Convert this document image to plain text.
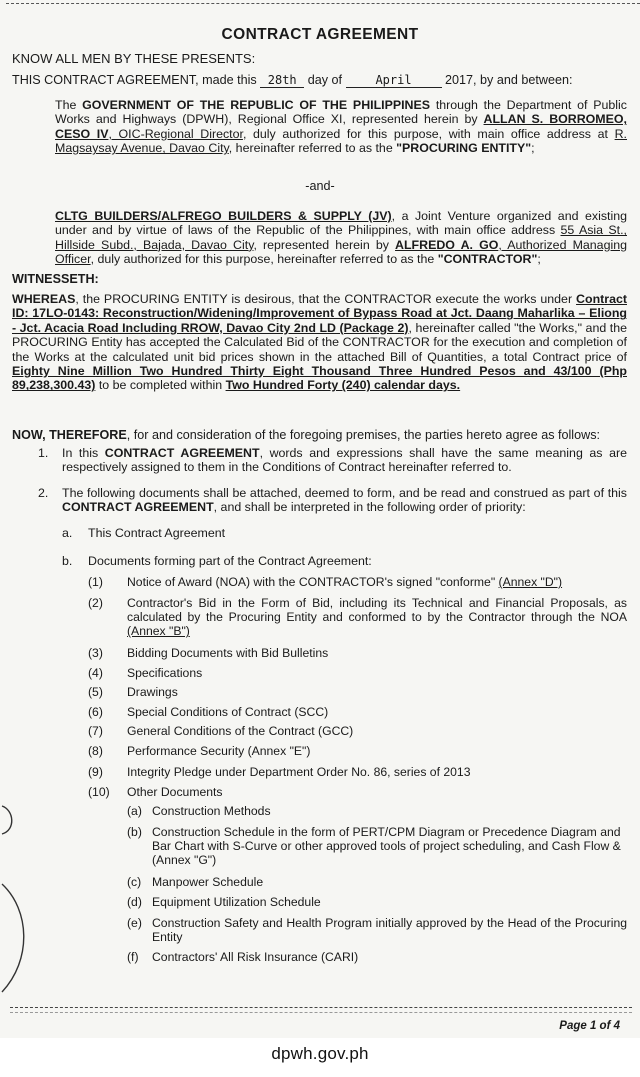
CONTRACT AGREEMENT
KNOW ALL MEN BY THESE PRESENTS:
THIS CONTRACT AGREEMENT, made this 28th day of	April	2017, by and between:
The GOVERNMENT OF THE REPUBLIC OF THE PHILIPPINES through the Department of Public Works and Highways (DPWH), Regional Office XI, represented herein by ALLAN S. BORROMEO, CESO IV, OIC-Regional Director, duly authorized for this purpose, with main office address at R. Magsaysay Avenue, Davao City, hereinafter referred to as the "PROCURING ENTITY";
-and-
CLTG BUILDERS/ALFREGO BUILDERS & SUPPLY (JV), a Joint Venture organized and existing under and by virtue of laws of the Republic of the Philippines, with main office address 55 Asia St., Hillside Subd., Bajada, Davao City, represented herein by ALFREDO A. GO, Authorized Managing Officer, duly authorized for this purpose, hereinafter referred to as the "CONTRACTOR";
WITNESSETH:
WHEREAS, the PROCURING ENTITY is desirous, that the CONTRACTOR execute the works under Contract ID: 17LO-0143: Reconstruction/Widening/Improvement of Bypass Road at Jct. Daang Maharlika – Eliong - Jct. Acacia Road Including RROW, Davao City 2nd LD (Package 2), hereinafter called "the Works," and the PROCURING Entity has accepted the Calculated Bid of the CONTRACTOR for the execution and completion of the Works at the calculated unit bid prices shown in the attached Bill of Quantities, a total Contract price of Eighty Nine Million Two Hundred Thirty Eight Thousand Three Hundred Pesos and 43/100 (Php 89,238,300.43) to be completed within Two Hundred Forty (240) calendar days.
NOW, THEREFORE, for and consideration of the foregoing premises, the parties hereto agree as follows:
1. In this CONTRACT AGREEMENT, words and expressions shall have the same meaning as are respectively assigned to them in the Conditions of Contract hereinafter referred to.
2. The following documents shall be attached, deemed to form, and be read and construed as part of this CONTRACT AGREEMENT, and shall be interpreted in the following order of priority:
a. This Contract Agreement
b. Documents forming part of the Contract Agreement:
(1) Notice of Award (NOA) with the CONTRACTOR's signed "conforme" (Annex "D")
(2) Contractor's Bid in the Form of Bid, including its Technical and Financial Proposals, as calculated by the Procuring Entity and conformed to by the Contractor through the NOA (Annex "B")
(3) Bidding Documents with Bid Bulletins
(4) Specifications
(5) Drawings
(6) Special Conditions of Contract (SCC)
(7) General Conditions of the Contract (GCC)
(8) Performance Security (Annex "E")
(9) Integrity Pledge under Department Order No. 86, series of 2013
(10) Other Documents
(a) Construction Methods
(b) Construction Schedule in the form of PERT/CPM Diagram or Precedence Diagram and Bar Chart with S-Curve or other approved tools of project scheduling, and Cash Flow & (Annex "G")
(c) Manpower Schedule
(d) Equipment Utilization Schedule
(e) Construction Safety and Health Program initially approved by the Head of the Procuring Entity
(f) Contractors' All Risk Insurance (CARI)
Page 1 of 4
dpwh.gov.ph
